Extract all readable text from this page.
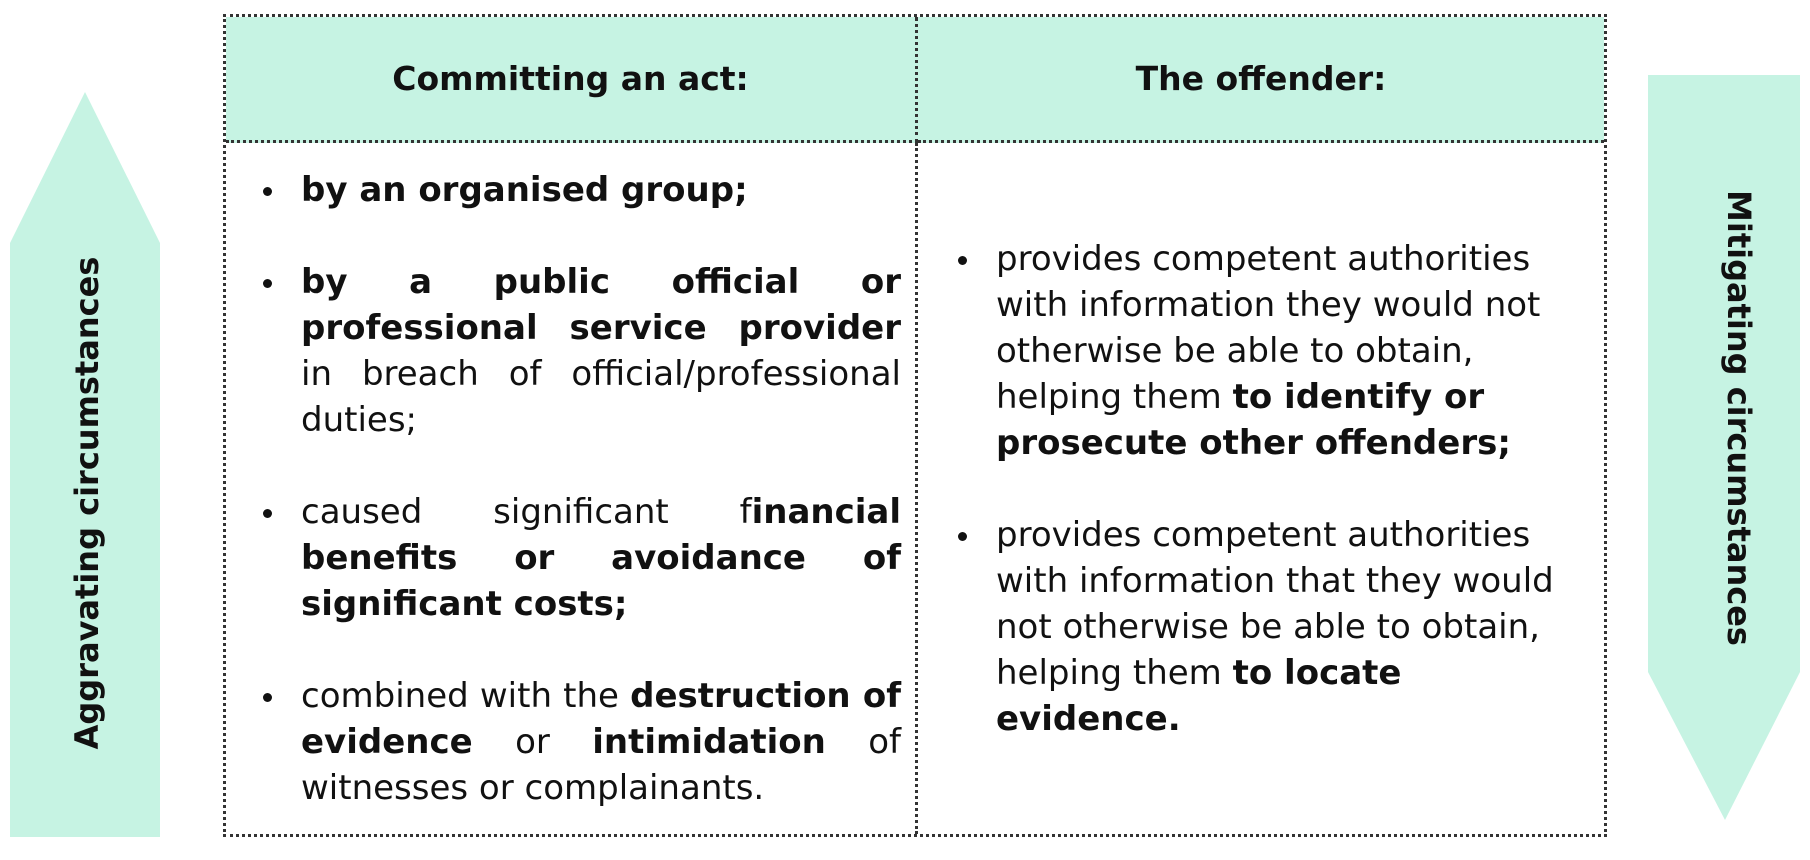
Aggravating circumstances	Mitigating circumstances
Committing an act:	The offender:
by an organised group;
by a public official or professional service provider in breach of official/professional duties;
caused significant financial benefits or avoidance of significant costs;
combined with the destruction of evidence or intimidation of witnesses or complainants.
provides competent authorities with information they would not otherwise be able to obtain, helping them to identify or prosecute other offenders;
provides competent authorities with information that they would not otherwise be able to obtain, helping them to locate evidence.
